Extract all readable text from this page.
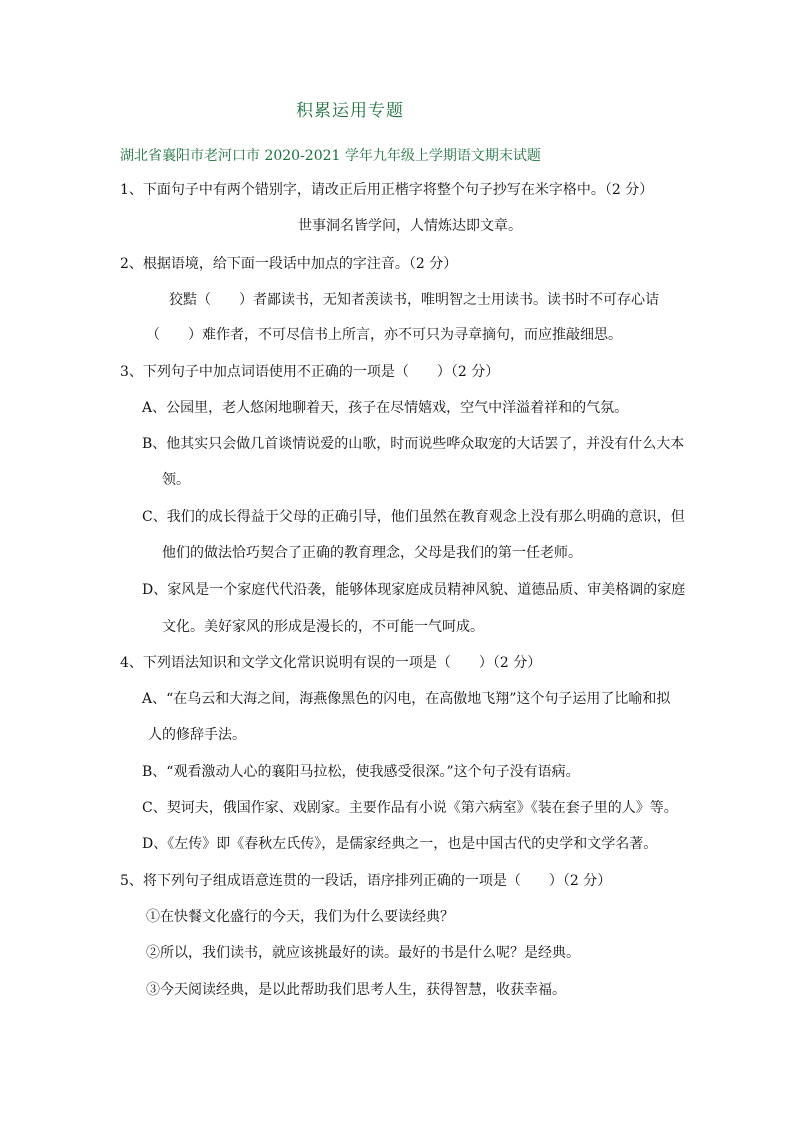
积累运用专题
湖北省襄阳市老河口市 2020-2021 学年九年级上学期语文期末试题
1、下面句子中有两个错别字，请改正后用正楷字将整个句子抄写在米字格中。（2 分）
世事洞名皆学问，人情炼达即文章。
2、根据语境，给下面一段话中加点的字注音。（2 分）
狡黠（　　）者鄙读书，无知者羡读书，唯明智之士用读书。读书时不可存心诘
（　　）难作者，不可尽信书上所言，亦不可只为寻章摘句，而应推敲细思。
3、下列句子中加点词语使用不正确的一项是（　　）（2 分）
A、公园里，老人悠闲地聊着天，孩子在尽情嬉戏，空气中洋溢着祥和的气氛。
B、他其实只会做几首谈情说爱的山歌，时而说些哗众取宠的大话罢了，并没有什么大本
领。
C、我们的成长得益于父母的正确引导，他们虽然在教育观念上没有那么明确的意识，但
他们的做法恰巧契合了正确的教育理念，父母是我们的第一任老师。
D、家风是一个家庭代代沿袭，能够体现家庭成员精神风貌、道德品质、审美格调的家庭
文化。美好家风的形成是漫长的，不可能一气呵成。
4、下列语法知识和文学文化常识说明有误的一项是（　　）（2 分）
A、“在乌云和大海之间，海燕像黑色的闪电，在高傲地飞翔”这个句子运用了比喻和拟
人的修辞手法。
B、“观看激动人心的襄阳马拉松，使我感受很深。”这个句子没有语病。
C、契诃夫，俄国作家、戏剧家。主要作品有小说《第六病室》《装在套子里的人》等。
D、《左传》即《春秋左氏传》，是儒家经典之一，也是中国古代的史学和文学名著。
5、将下列句子组成语意连贯的一段话，语序排列正确的一项是（　　）（2 分）
①在快餐文化盛行的今天，我们为什么要读经典？
②所以，我们读书，就应该挑最好的读。最好的书是什么呢？是经典。
③今天阅读经典，是以此帮助我们思考人生，获得智慧，收获幸福。
